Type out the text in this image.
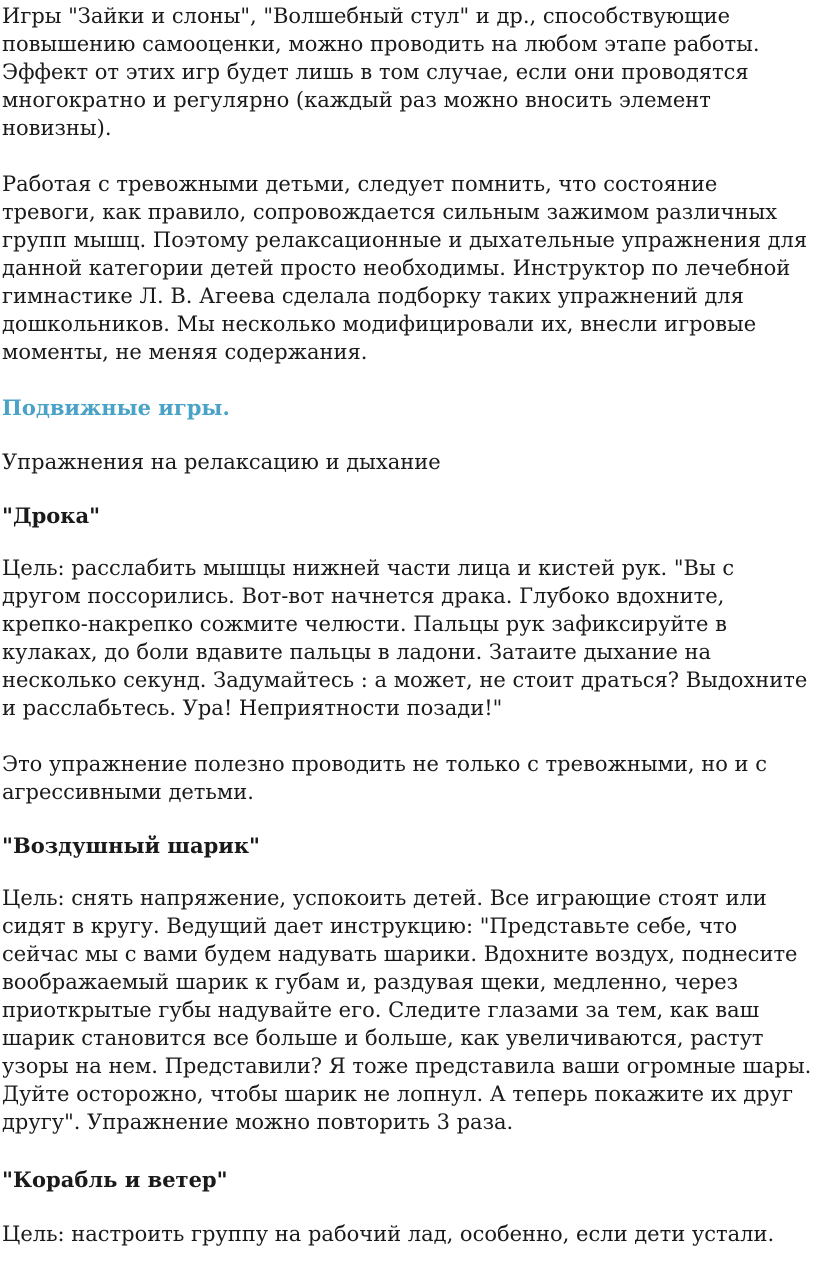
Игры "Зайки и слоны", "Волшебный стул" и др., способствующие повышению самооценки, можно проводить на любом этапе работы. Эффект от этих игр будет лишь в том случае, если они проводятся многократно и регулярно (каждый раз можно вносить элемент новизны).

Работая с тревожными детьми, следует помнить, что состояние тревоги, как правило, сопровождается сильным зажимом различных групп мышц. Поэтому релаксационные и дыхательные упражнения для данной категории детей просто необходимы. Инструктор по лечебной гимнастике Л. В. Агеева сделала подборку таких упражнений для дошкольников. Мы несколько модифицировали их, внесли игровые моменты, не меняя содержания.

Подвижные игры.

Упражнения на релаксацию и дыхание

"Дрока"

Цель: расслабить мышцы нижней части лица и кистей рук. "Вы с другом поссорились. Вот-вот начнется драка. Глубоко вдохните, крепко-накрепко сожмите челюсти. Пальцы рук зафиксируйте в кулаках, до боли вдавите пальцы в ладони. Затаите дыхание на несколько секунд. Задумайтесь : а может, не стоит драться? Выдохните и расслабьтесь. Ура! Неприятности позади!"

Это упражнение полезно проводить не только с тревожными, но и с агрессивными детьми.

"Воздушный шарик"

Цель: снять напряжение, успокоить детей. Все играющие стоят или сидят в кругу. Ведущий дает инструкцию: "Представьте себе, что сейчас мы с вами будем надувать шарики. Вдохните воздух, поднесите воображаемый шарик к губам и, раздувая щеки, медленно, через приоткрытые губы надувайте его. Следите глазами за тем, как ваш шарик становится все больше и больше, как увеличиваются, растут узоры на нем. Представили? Я тоже представила ваши огромные шары. Дуйте осторожно, чтобы шарик не лопнул. А теперь покажите их друг другу". Упражнение можно повторить 3 раза.

"Корабль и ветер"

Цель: настроить группу на рабочий лад, особенно, если дети устали.
